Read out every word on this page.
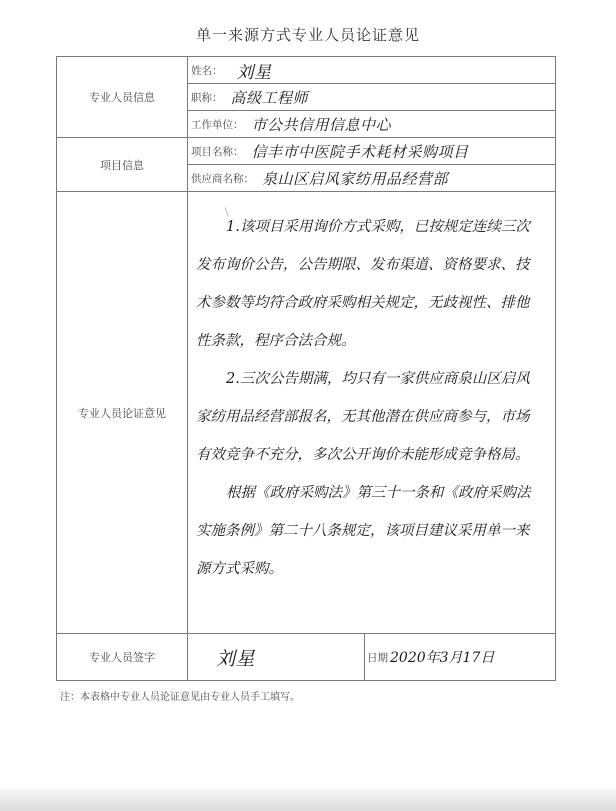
单一来源方式专业人员论证意见
专业人员信息	姓名： 刘星

	职称： 高级工程师

	工作单位： 市公共信用信息中心

项目信息	项目名称： 信丰市中医院手术耗材采购项目

	供应商名称： 泉山区启风家纺用品经营部

专业人员论证意见	1.该项目采用询价方式采购，已按规定连续三次发布询价公告，公告期限、发布渠道、资格要求、技术参数等均符合政府采购相关规定，无歧视性、排他性条款，程序合法合规。

2.三次公告期满，均只有一家供应商泉山区启风家纺用品经营部报名，无其他潜在供应商参与，市场有效竞争不充分，多次公开询价未能形成竞争格局。

根据《政府采购法》第三十一条和《政府采购法实施条例》第二十八条规定，该项目建议采用单一来源方式采购。

专业人员签字	刘星 日期 2020年3月17日
注：本表格中专业人员论证意见由专业人员手工填写。
